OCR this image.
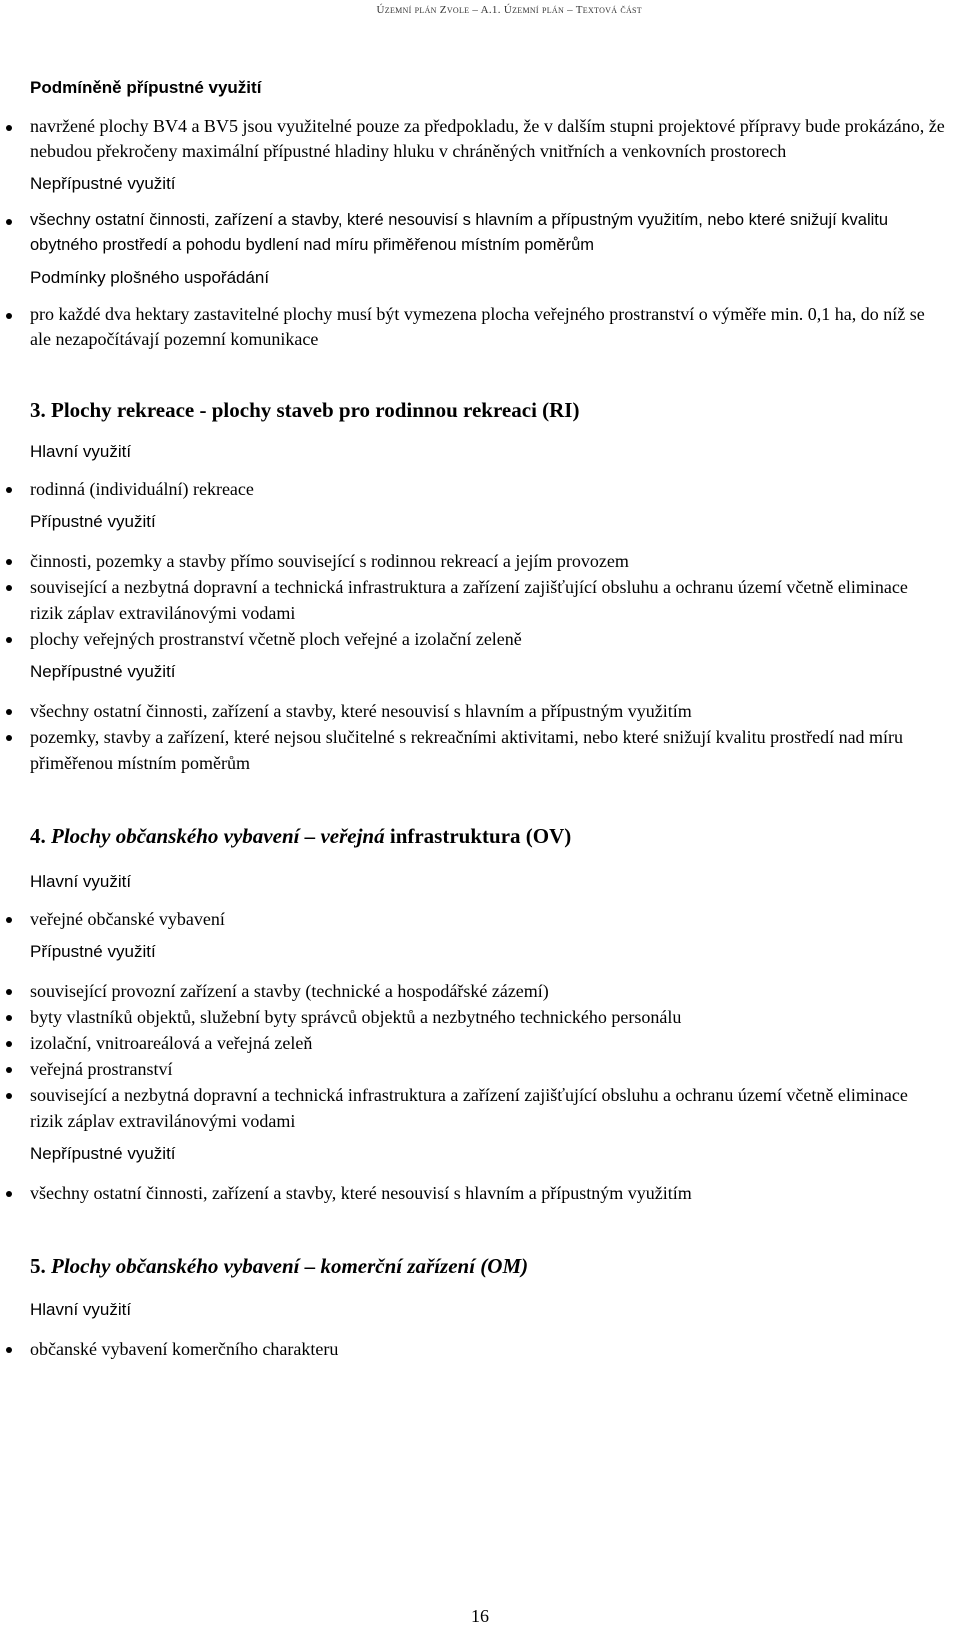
Územní plán Zvole – A.1. Územní plán – Textová část

Podmíněně přípustné využití

navržené plochy BV4 a BV5 jsou využitelné pouze za předpokladu, že v dalším stupni projektové přípravy bude prokázáno, že nebudou překročeny maximální přípustné hladiny hluku v chráněných vnitřních a venkovních prostorech

Nepřípustné využití

všechny ostatní činnosti, zařízení a stavby, které nesouvisí s hlavním a přípustným využitím, nebo které snižují kvalitu obytného prostředí a pohodu bydlení nad míru přiměřenou místním poměrům

Podmínky plošného uspořádání

pro každé dva hektary zastavitelné plochy musí být vymezena plocha veřejného prostranství o výměře min. 0,1 ha, do níž se ale nezapočítávají pozemní komunikace

3. Plochy rekreace - plochy staveb pro rodinnou rekreaci (RI)

Hlavní využití

rodinná (individuální) rekreace

Přípustné využití

činnosti, pozemky a stavby přímo související s rodinnou rekreací a jejím provozem
související a nezbytná dopravní a technická infrastruktura a zařízení zajišťující obsluhu a ochranu území včetně eliminace rizik záplav extravilánovými vodami
plochy veřejných prostranství včetně ploch veřejné a izolační zeleně

Nepřípustné využití

všechny ostatní činnosti, zařízení a stavby, které nesouvisí s hlavním a přípustným využitím
pozemky, stavby a zařízení, které nejsou slučitelné s rekreačními aktivitami, nebo které snižují kvalitu prostředí nad míru přiměřenou místním poměrům

4. Plochy občanského vybavení – veřejná infrastruktura (OV)

Hlavní využití

veřejné občanské vybavení

Přípustné využití

související provozní zařízení a stavby (technické a hospodářské zázemí)
byty vlastníků objektů, služební byty správců objektů a nezbytného technického personálu
izolační, vnitroareálová a veřejná zeleň
veřejná prostranství
související a nezbytná dopravní a technická infrastruktura a zařízení zajišťující obsluhu a ochranu území včetně eliminace rizik záplav extravilánovými vodami

Nepřípustné využití

všechny ostatní činnosti, zařízení a stavby, které nesouvisí s hlavním a přípustným využitím

5. Plochy občanského vybavení – komerční zařízení (OM)

Hlavní využití

občanské vybavení komerčního charakteru
16
